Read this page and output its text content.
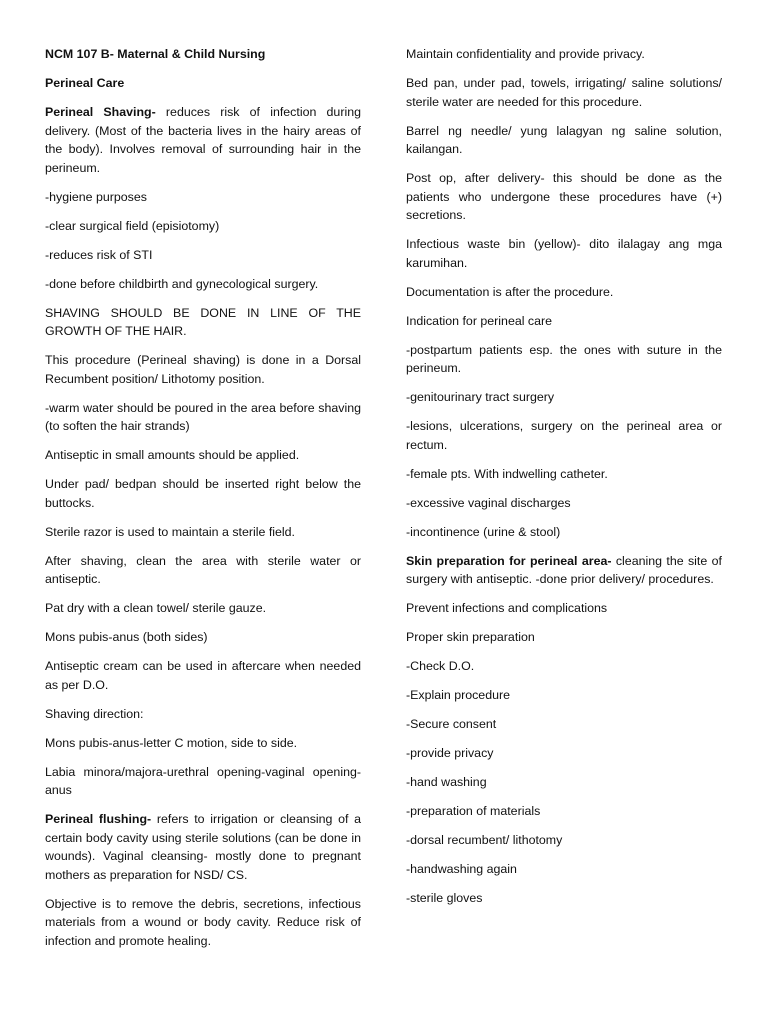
NCM 107 B- Maternal & Child Nursing

Perineal Care

Perineal Shaving- reduces risk of infection during delivery. (Most of the bacteria lives in the hairy areas of the body). Involves removal of surrounding hair in the perineum.

-hygiene purposes

-clear surgical field (episiotomy)

-reduces risk of STI

-done before childbirth and gynecological surgery.

SHAVING SHOULD BE DONE IN LINE OF THE GROWTH OF THE HAIR.

This procedure (Perineal shaving) is done in a Dorsal Recumbent position/ Lithotomy position.

-warm water should be poured in the area before shaving (to soften the hair strands)

Antiseptic in small amounts should be applied.

Under pad/ bedpan should be inserted right below the buttocks.

Sterile razor is used to maintain a sterile field.

After shaving, clean the area with sterile water or antiseptic.

Pat dry with a clean towel/ sterile gauze.

Mons pubis-anus (both sides)

Antiseptic cream can be used in aftercare when needed as per D.O.

Shaving direction:

Mons pubis-anus-letter C motion, side to side.

Labia minora/majora-urethral opening-vaginal opening-anus

Perineal flushing- refers to irrigation or cleansing of a certain body cavity using sterile solutions (can be done in wounds). Vaginal cleansing- mostly done to pregnant mothers as preparation for NSD/ CS.

Objective is to remove the debris, secretions, infectious materials from a wound or body cavity. Reduce risk of infection and promote healing.

Maintain confidentiality and provide privacy.

Bed pan, under pad, towels, irrigating/ saline solutions/ sterile water are needed for this procedure.

Barrel ng needle/ yung lalagyan ng saline solution, kailangan.

Post op, after delivery- this should be done as the patients who undergone these procedures have (+) secretions.

Infectious waste bin (yellow)- dito ilalagay ang mga karumihan.

Documentation is after the procedure.

Indication for perineal care

-postpartum patients esp. the ones with suture in the perineum.

-genitourinary tract surgery

-lesions, ulcerations, surgery on the perineal area or rectum.

-female pts. With indwelling catheter.

-excessive vaginal discharges

-incontinence (urine & stool)

Skin preparation for perineal area- cleaning the site of surgery with antiseptic. -done prior delivery/ procedures.

Prevent infections and complications

Proper skin preparation

-Check D.O.

-Explain procedure

-Secure consent

-provide privacy

-hand washing

-preparation of materials

-dorsal recumbent/ lithotomy

-handwashing again

-sterile gloves
